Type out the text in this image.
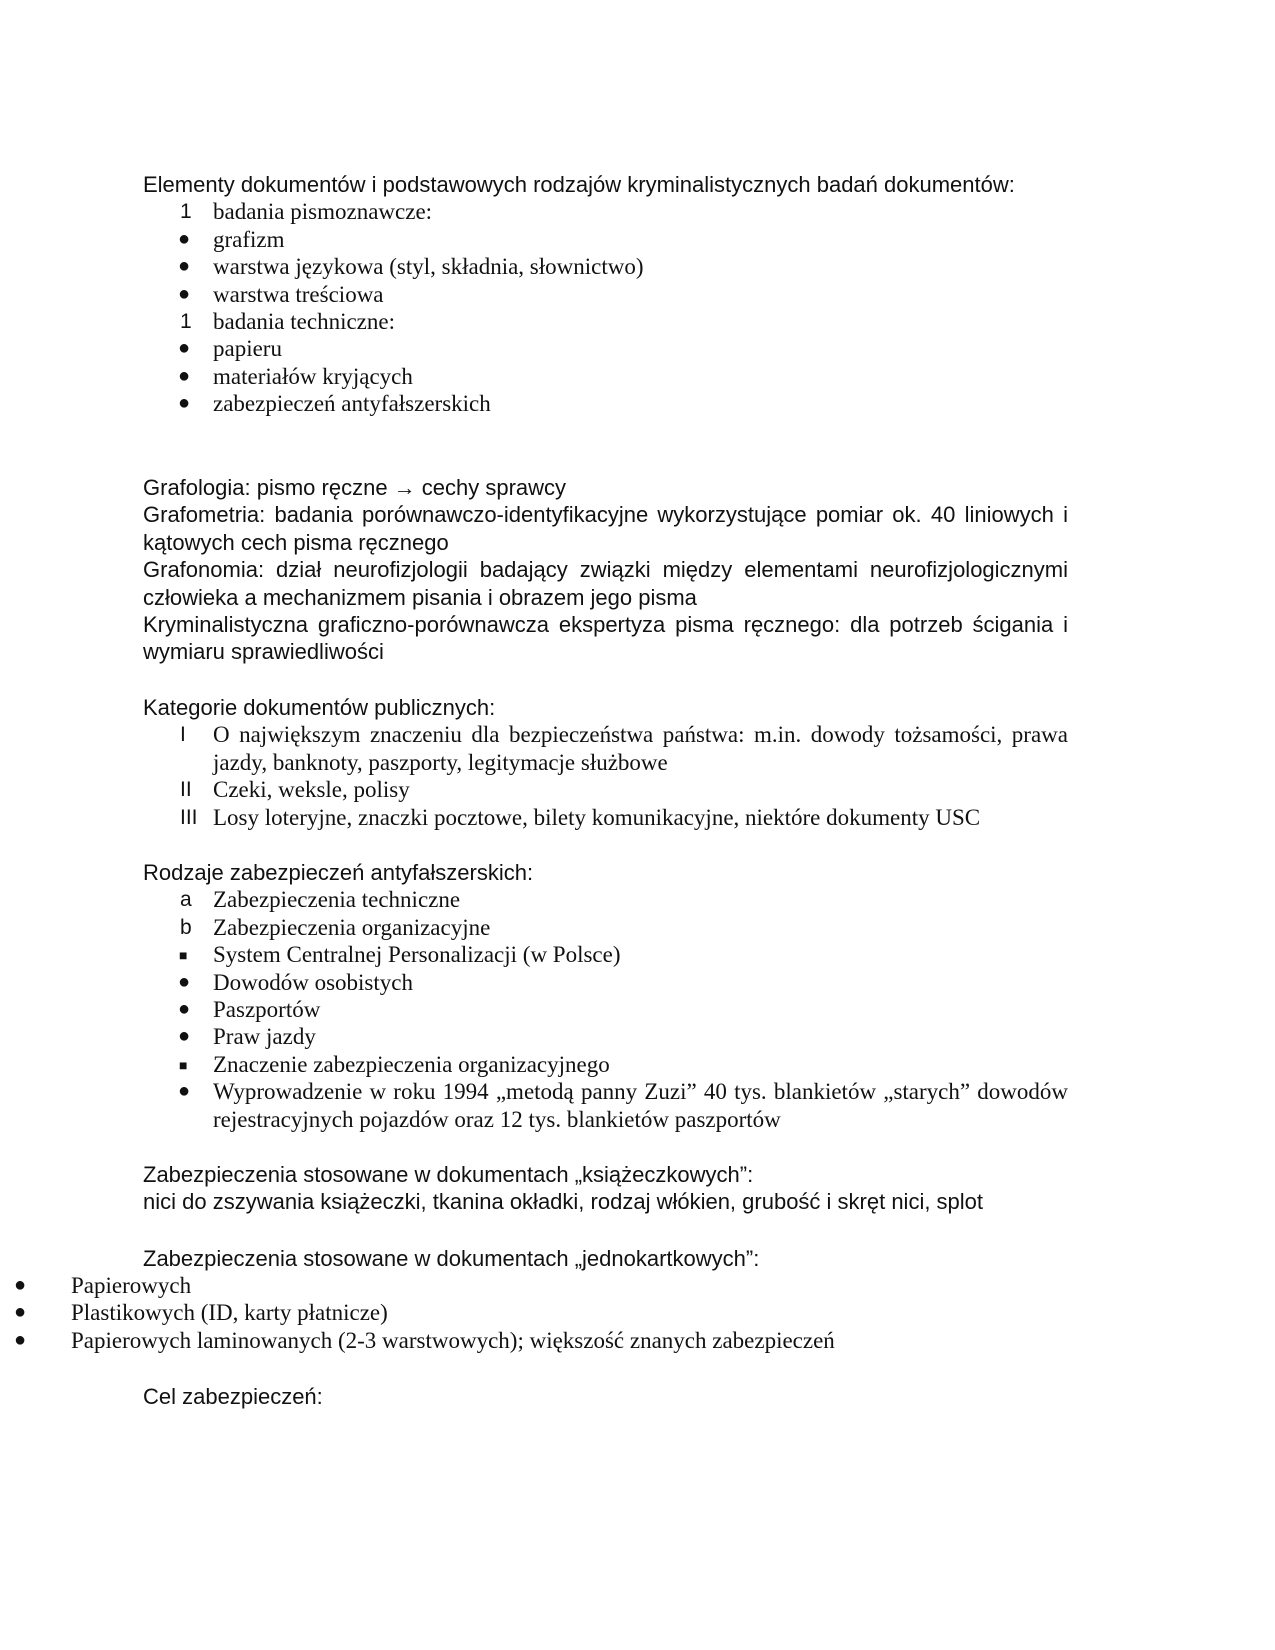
Elementy dokumentów i podstawowych rodzajów kryminalistycznych badań dokumentów:
1 badania pismoznawcze:
● grafizm
● warstwa językowa (styl, składnia, słownictwo)
● warstwa treściowa
1 badania techniczne:
● papieru
● materiałów kryjących
● zabezpieczeń antyfałszerskich
Grafologia: pismo ręczne → cechy sprawcy
Grafometria: badania porównawczo-identyfikacyjne wykorzystujące pomiar ok. 40 liniowych i kątowych cech pisma ręcznego
Grafonomia: dział neurofizjologii badający związki między elementami neurofizjologicznymi człowieka a mechanizmem pisania i obrazem jego pisma
Kryminalistyczna graficzno-porównawcza ekspertyza pisma ręcznego: dla potrzeb ścigania i wymiaru sprawiedliwości
Kategorie dokumentów publicznych:
I O największym znaczeniu dla bezpieczeństwa państwa: m.in. dowody tożsamości, prawa jazdy, banknoty, paszporty, legitymacje służbowe
II Czeki, weksle, polisy
III Losy loteryjne, znaczki pocztowe, bilety komunikacyjne, niektóre dokumenty USC
Rodzaje zabezpieczeń antyfałszerskich:
a Zabezpieczenia techniczne
b Zabezpieczenia organizacyjne
■ System Centralnej Personalizacji (w Polsce)
● Dowodów osobistych
● Paszportów
● Praw jazdy
■ Znaczenie zabezpieczenia organizacyjnego
● Wyprowadzenie w roku 1994 „metodą panny Zuzi” 40 tys. blankietów „starych” dowodów rejestracyjnych pojazdów oraz 12 tys. blankietów paszportów
Zabezpieczenia stosowane w dokumentach „książeczkowych”:
nici do zszywania książeczki, tkanina okładki, rodzaj włókien, grubość i skręt nici, splot
Zabezpieczenia stosowane w dokumentach „jednokartkowych”:
● Papierowych
● Plastikowych (ID, karty płatnicze)
● Papierowych laminowanych (2-3 warstwowych); większość znanych zabezpieczeń
Cel zabezpieczeń:
